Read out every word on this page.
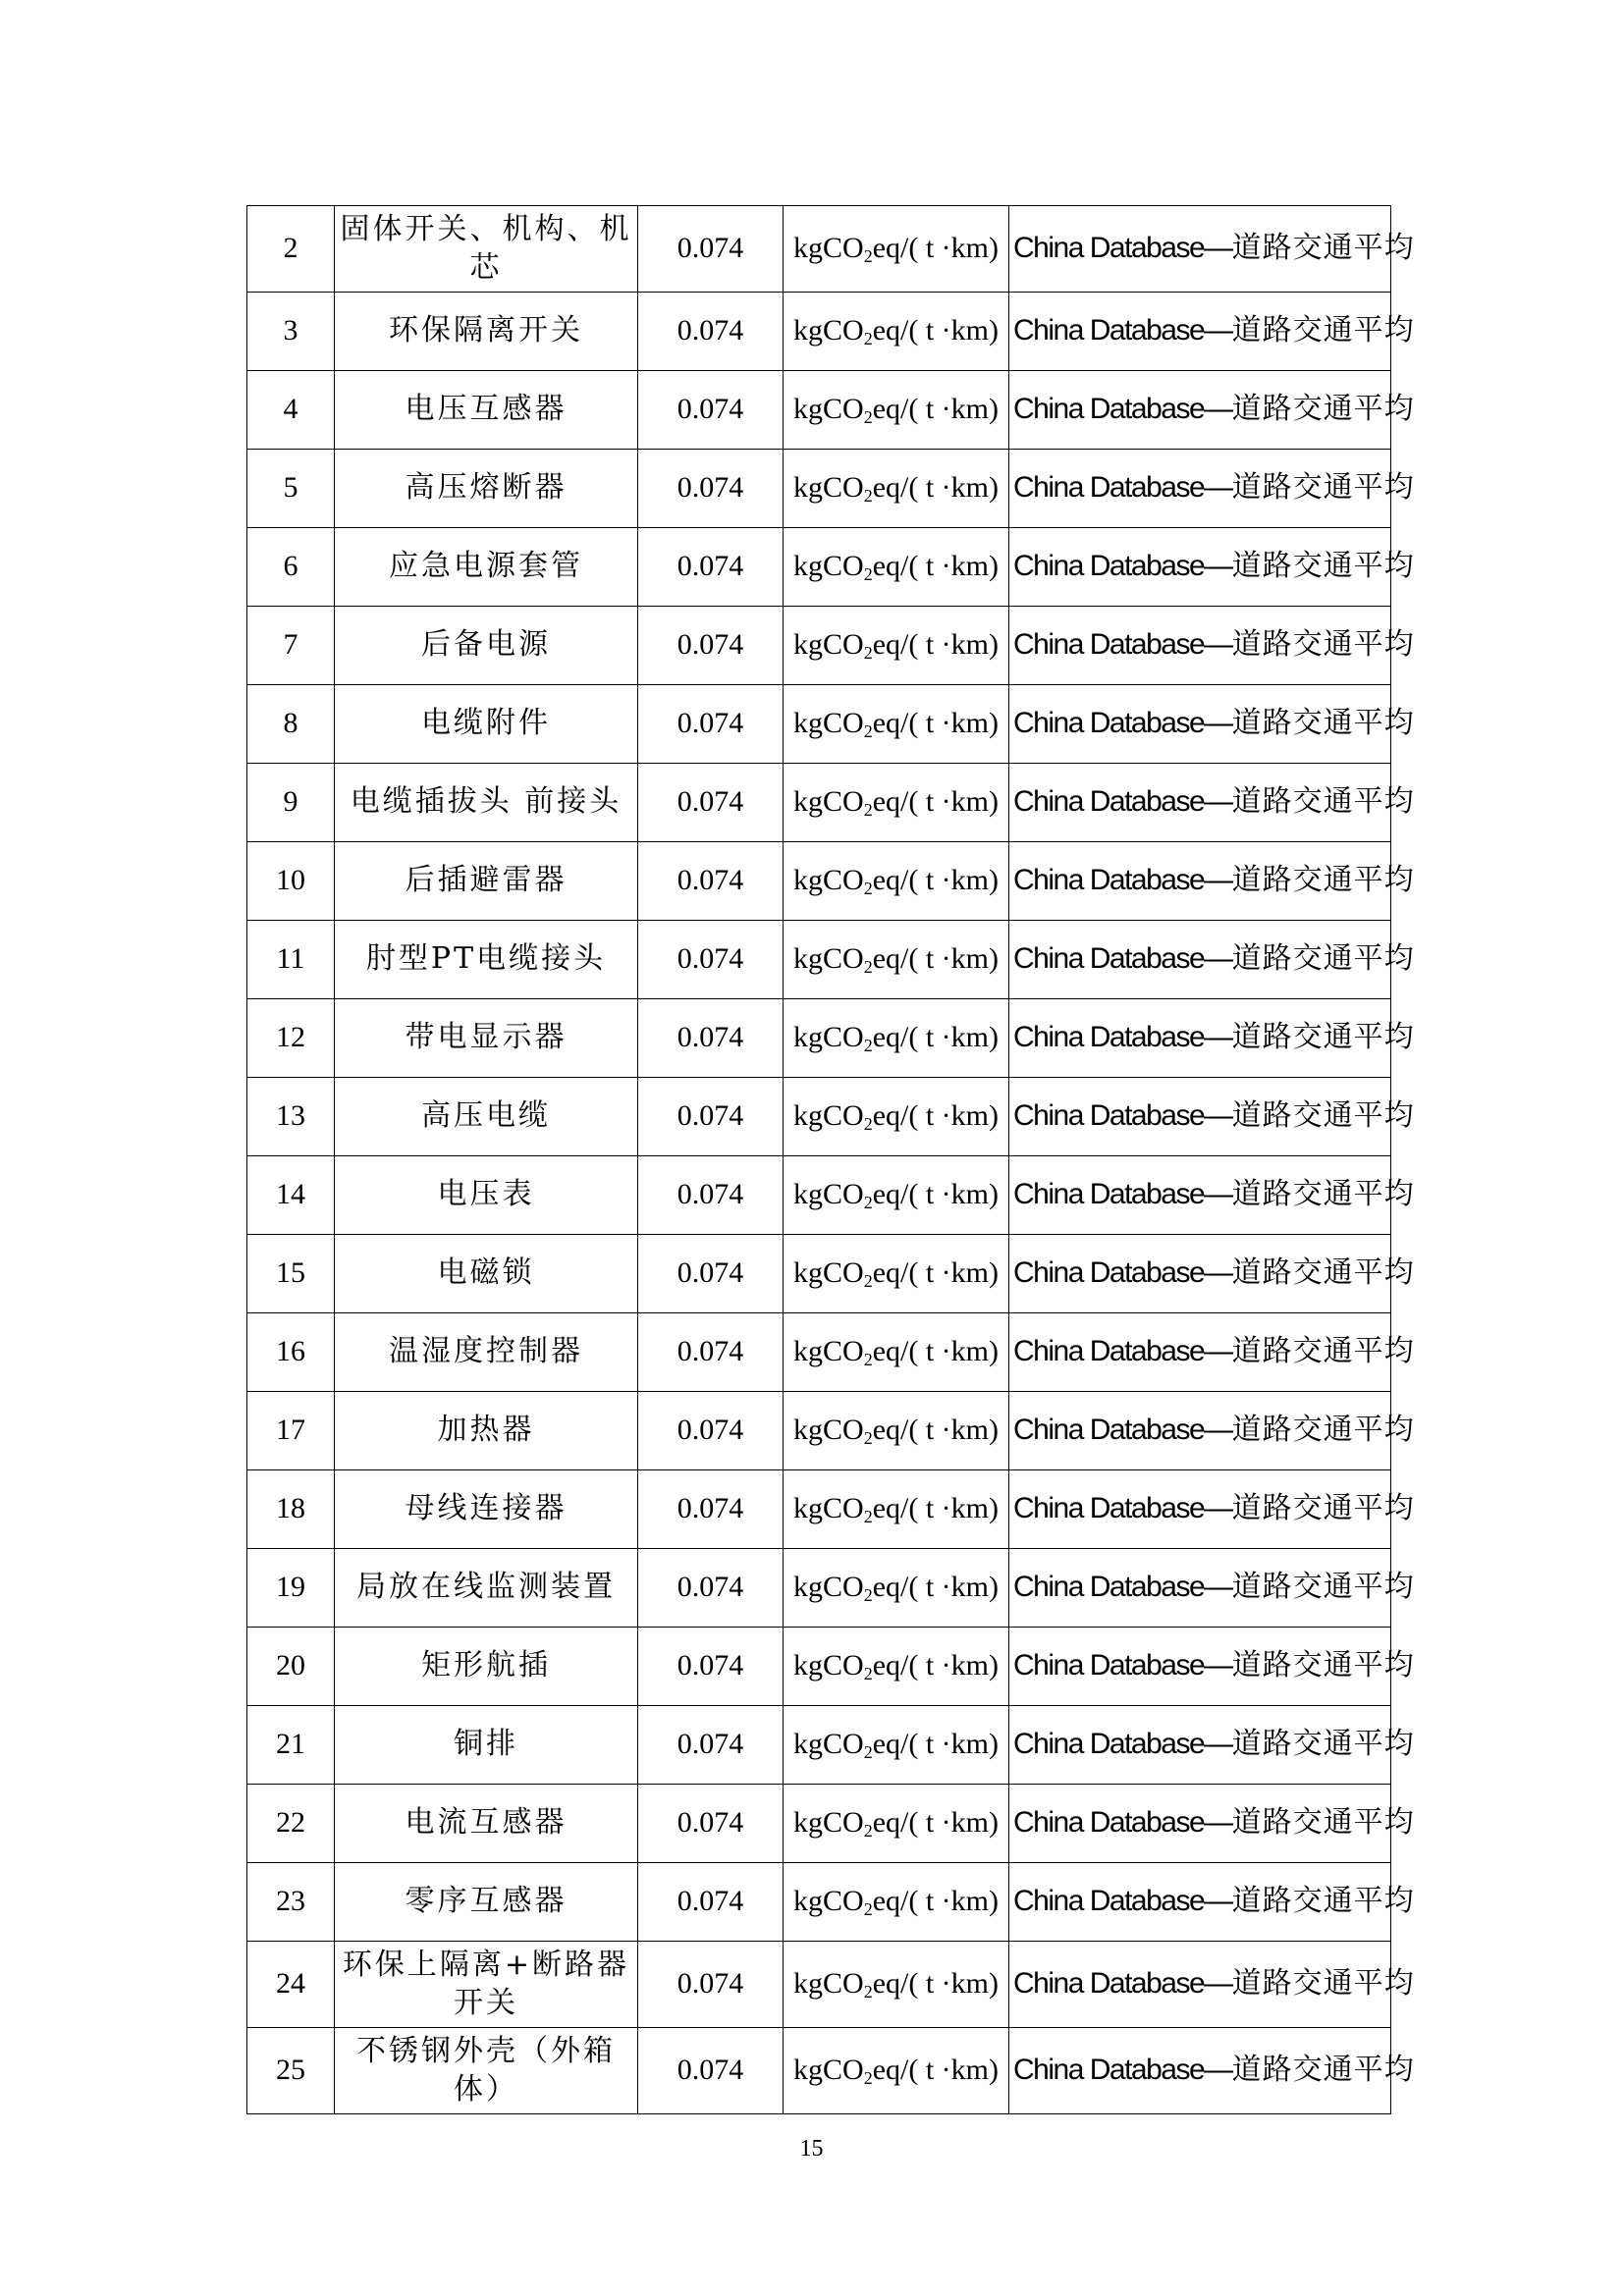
2	固体开关、机构、机芯	0.074	kgCO$_2$eq/( t ·km)	China Database—道路交通平均
3	环保隔离开关	0.074	kgCO$_2$eq/( t ·km)	China Database—道路交通平均
4	电压互感器	0.074	kgCO$_2$eq/( t ·km)	China Database—道路交通平均
5	高压熔断器	0.074	kgCO$_2$eq/( t ·km)	China Database—道路交通平均
6	应急电源套管	0.074	kgCO$_2$eq/( t ·km)	China Database—道路交通平均
7	后备电源	0.074	kgCO$_2$eq/( t ·km)	China Database—道路交通平均
8	电缆附件	0.074	kgCO$_2$eq/( t ·km)	China Database—道路交通平均
9	电缆插拔头 前接头	0.074	kgCO$_2$eq/( t ·km)	China Database—道路交通平均
10	后插避雷器	0.074	kgCO$_2$eq/( t ·km)	China Database—道路交通平均
11	肘型PT电缆接头	0.074	kgCO$_2$eq/( t ·km)	China Database—道路交通平均
12	带电显示器	0.074	kgCO$_2$eq/( t ·km)	China Database—道路交通平均
13	高压电缆	0.074	kgCO$_2$eq/( t ·km)	China Database—道路交通平均
14	电压表	0.074	kgCO$_2$eq/( t ·km)	China Database—道路交通平均
15	电磁锁	0.074	kgCO$_2$eq/( t ·km)	China Database—道路交通平均
16	温湿度控制器	0.074	kgCO$_2$eq/( t ·km)	China Database—道路交通平均
17	加热器	0.074	kgCO$_2$eq/( t ·km)	China Database—道路交通平均
18	母线连接器	0.074	kgCO$_2$eq/( t ·km)	China Database—道路交通平均
19	局放在线监测装置	0.074	kgCO$_2$eq/( t ·km)	China Database—道路交通平均
20	矩形航插	0.074	kgCO$_2$eq/( t ·km)	China Database—道路交通平均
21	铜排	0.074	kgCO$_2$eq/( t ·km)	China Database—道路交通平均
22	电流互感器	0.074	kgCO$_2$eq/( t ·km)	China Database—道路交通平均
23	零序互感器	0.074	kgCO$_2$eq/( t ·km)	China Database—道路交通平均
24	环保上隔离+断路器开关	0.074	kgCO$_2$eq/( t ·km)	China Database—道路交通平均
25	不锈钢外壳（外箱体）	0.074	kgCO$_2$eq/( t ·km)	China Database—道路交通平均
15
